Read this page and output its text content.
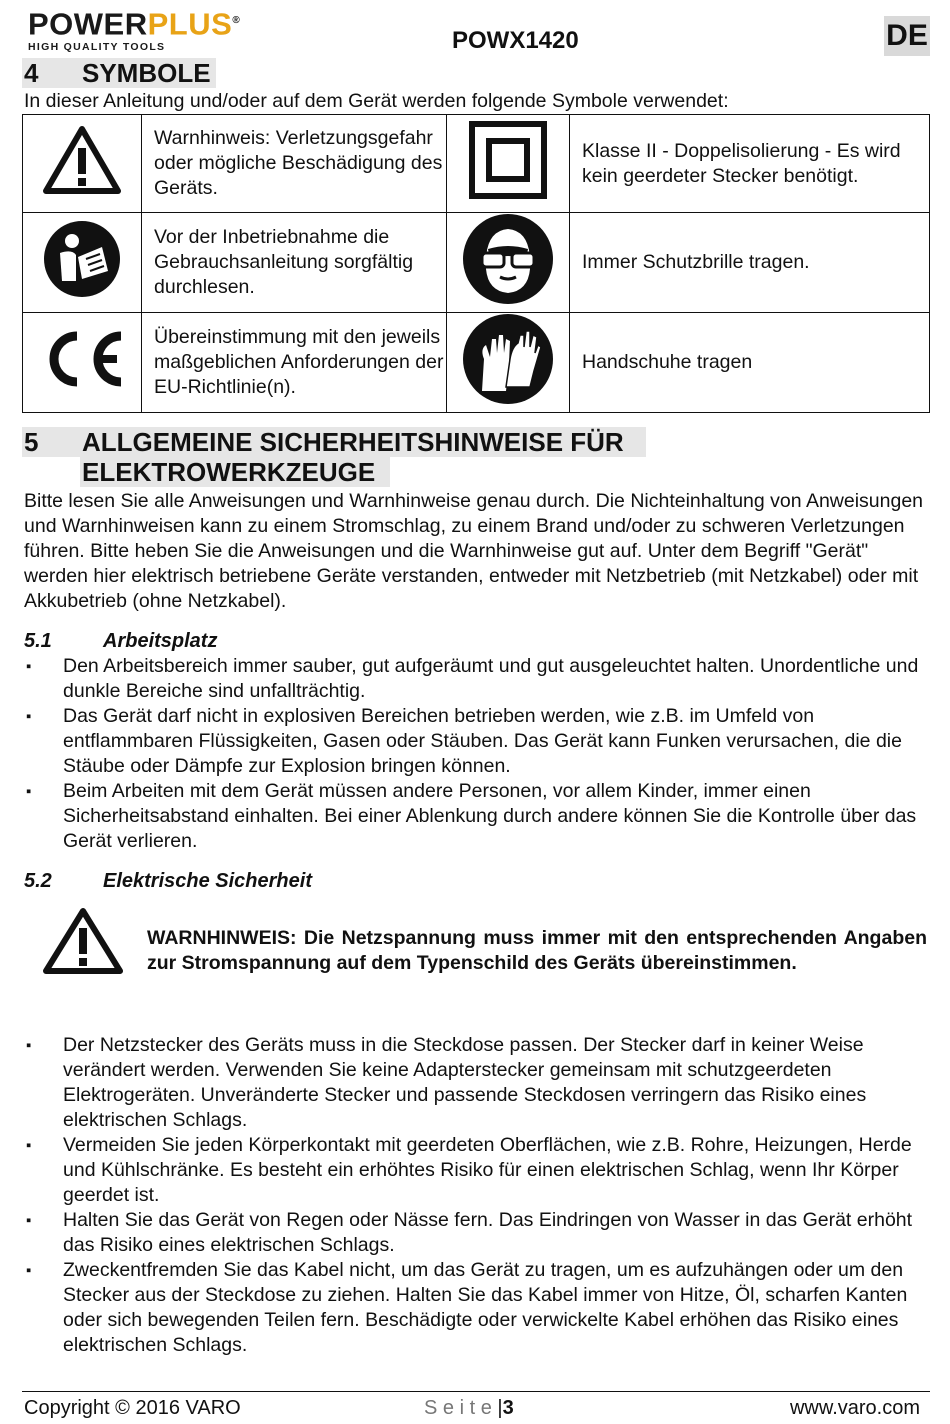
POWERPLUS®
HIGH QUALITY TOOLS	POWX1420	DE
4 SYMBOLE
In dieser Anleitung und/oder auf dem Gerät werden folgende Symbole verwendet:
	Warnhinweis: Verletzungsgefahr oder mögliche Beschädigung des Geräts.		Klasse II - Doppelisolierung - Es wird kein geerdeter Stecker benötigt.
	Vor der Inbetriebnahme die Gebrauchsanleitung sorgfältig durchlesen.		Immer Schutzbrille tragen.
	Übereinstimmung mit den jeweils maßgeblichen Anforderungen der EU-Richtlinie(n).		Handschuhe tragen
5 ALLGEMEINE SICHERHEITSHINWEISE FÜR
ELEKTROWERKZEUGE
Bitte lesen Sie alle Anweisungen und Warnhinweise genau durch. Die Nichteinhaltung von Anweisungen und Warnhinweisen kann zu einem Stromschlag, zu einem Brand und/oder zu schweren Verletzungen führen. Bitte heben Sie die Anweisungen und die Warnhinweise gut auf. Unter dem Begriff "Gerät" werden hier elektrisch betriebene Geräte verstanden, entweder mit Netzbetrieb (mit Netzkabel) oder mit Akkubetrieb (ohne Netzkabel).
5.1	Arbeitsplatz
▪ Den Arbeitsbereich immer sauber, gut aufgeräumt und gut ausgeleuchtet halten. Unordentliche und dunkle Bereiche sind unfallträchtig.
▪ Das Gerät darf nicht in explosiven Bereichen betrieben werden, wie z.B. im Umfeld von entflammbaren Flüssigkeiten, Gasen oder Stäuben. Das Gerät kann Funken verursachen, die die Stäube oder Dämpfe zur Explosion bringen können.
▪ Beim Arbeiten mit dem Gerät müssen andere Personen, vor allem Kinder, immer einen Sicherheitsabstand einhalten. Bei einer Ablenkung durch andere können Sie die Kontrolle über das Gerät verlieren.
5.2	Elektrische Sicherheit
WARNHINWEIS: Die Netzspannung muss immer mit den entsprechenden Angaben zur Stromspannung auf dem Typenschild des Geräts übereinstimmen.
▪ Der Netzstecker des Geräts muss in die Steckdose passen. Der Stecker darf in keiner Weise verändert werden. Verwenden Sie keine Adapterstecker gemeinsam mit schutzgeerdeten Elektrogeräten. Unveränderte Stecker und passende Steckdosen verringern das Risiko eines elektrischen Schlags.
▪ Vermeiden Sie jeden Körperkontakt mit geerdeten Oberflächen, wie z.B. Rohre, Heizungen, Herde und Kühlschränke. Es besteht ein erhöhtes Risiko für einen elektrischen Schlag, wenn Ihr Körper geerdet ist.
▪ Halten Sie das Gerät von Regen oder Nässe fern. Das Eindringen von Wasser in das Gerät erhöht das Risiko eines elektrischen Schlags.
▪ Zweckentfremden Sie das Kabel nicht, um das Gerät zu tragen, um es aufzuhängen oder um den Stecker aus der Steckdose zu ziehen. Halten Sie das Kabel immer von Hitze, Öl, scharfen Kanten oder sich bewegenden Teilen fern. Beschädigte oder verwickelte Kabel erhöhen das Risiko eines elektrischen Schlags.
Copyright © 2016 VARO	S e i t e |3	www.varo.com
